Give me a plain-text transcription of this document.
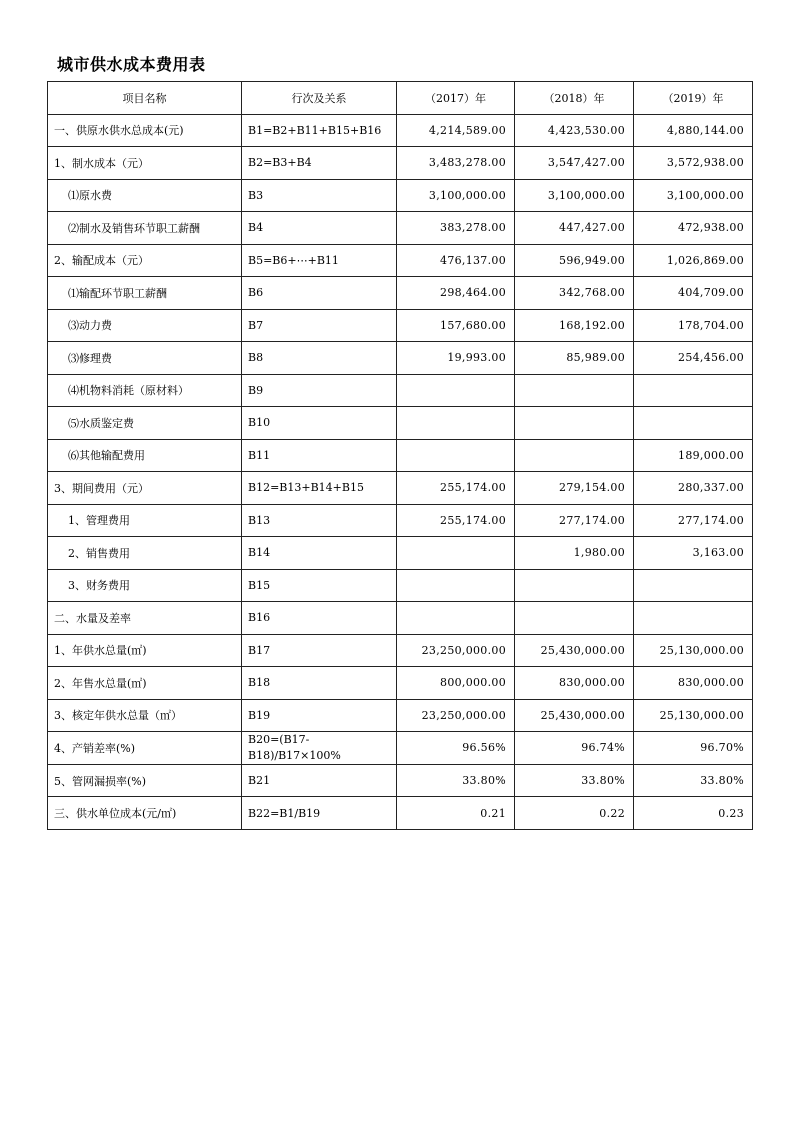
城市供水成本费用表
项目名称	行次及关系	（2017）年	（2018）年	（2019）年
一、供原水供水总成本(元)	B1=B2+B11+B15+B16	4,214,589.00	4,423,530.00	4,880,144.00
1、制水成本（元）	B2=B3+B4	3,483,278.00	3,547,427.00	3,572,938.00
⑴原水费	B3	3,100,000.00	3,100,000.00	3,100,000.00
⑵制水及销售环节职工薪酬	B4	383,278.00	447,427.00	472,938.00
2、输配成本（元）	B5=B6+⋯+B11	476,137.00	596,949.00	1,026,869.00
⑴输配环节职工薪酬	B6	298,464.00	342,768.00	404,709.00
⑶动力费	B7	157,680.00	168,192.00	178,704.00
⑶修理费	B8	19,993.00	85,989.00	254,456.00
⑷机物料消耗（原材料）	B9			
⑸水质鉴定费	B10			
⑹其他输配费用	B11			189,000.00
3、期间费用（元）	B12=B13+B14+B15	255,174.00	279,154.00	280,337.00
1、管理费用	B13	255,174.00	277,174.00	277,174.00
2、销售费用	B14		1,980.00	3,163.00
3、财务费用	B15			
二、水量及差率	B16			
1、年供水总量(㎡)	B17	23,250,000.00	25,430,000.00	25,130,000.00
2、年售水总量(㎡)	B18	800,000.00	830,000.00	830,000.00
3、核定年供水总量（㎡）	B19	23,250,000.00	25,430,000.00	25,130,000.00
4、产销差率(%)	B20=(B17-B18)/B17×100%	96.56%	96.74%	96.70%
5、管网漏损率(%)	B21	33.80%	33.80%	33.80%
三、供水单位成本(元/㎡)	B22=B1/B19	0.21	0.22	0.23
